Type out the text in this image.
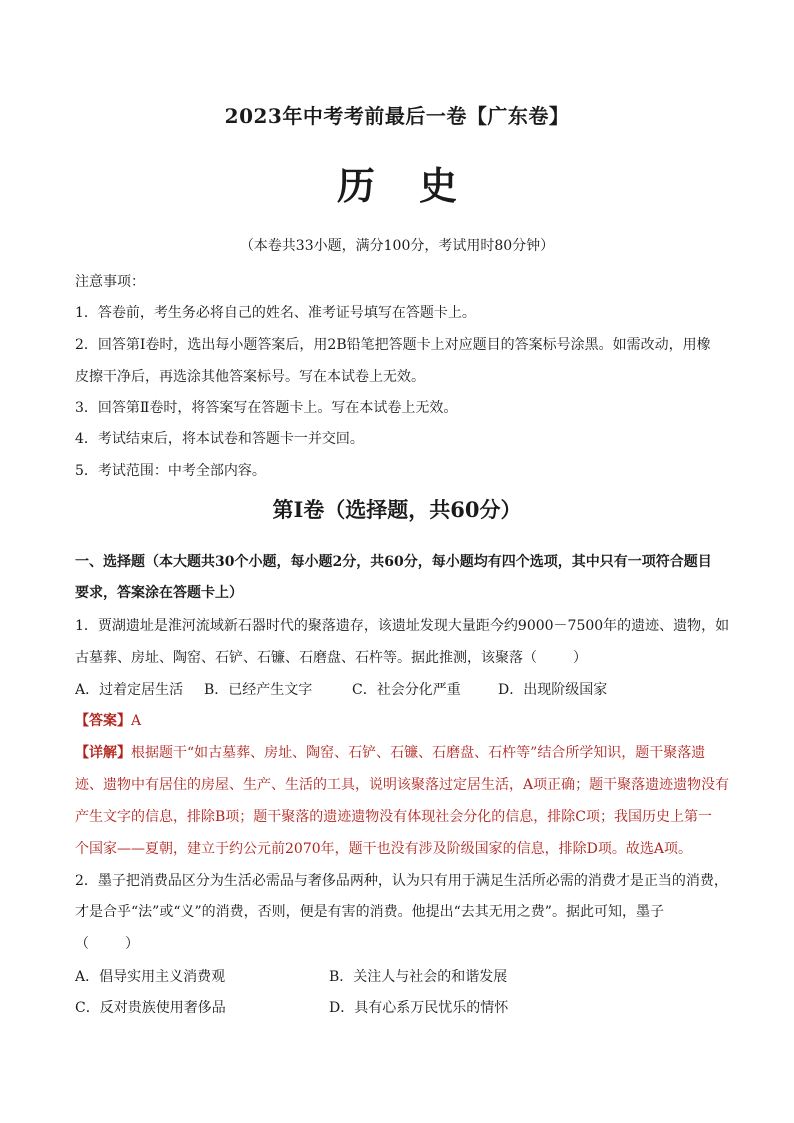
2023年中考考前最后一卷【广东卷】
历 史
（本卷共33小题，满分100分，考试用时80分钟）
注意事项：
1．答卷前，考生务必将自己的姓名、准考证号填写在答题卡上。
2．回答第Ⅰ卷时，选出每小题答案后，用2B铅笔把答题卡上对应题目的答案标号涂黑。如需改动，用橡
皮擦干净后，再选涂其他答案标号。写在本试卷上无效。
3．回答第Ⅱ卷时，将答案写在答题卡上。写在本试卷上无效。
4．考试结束后，将本试卷和答题卡一并交回。
5．考试范围：中考全部内容。
第Ⅰ卷（选择题，共60分）
一、选择题（本大题共30个小题，每小题2分，共60分，每小题均有四个选项，其中只有一项符合题目
要求，答案涂在答题卡上）
1．贾湖遗址是淮河流域新石器时代的聚落遗存，该遗址发现大量距今约9000－7500年的遗迹、遗物，如
古墓葬、房址、陶窑、石铲、石镰、石磨盘、石杵等。据此推测，该聚落（	）
A．过着定居生活 B．已经产生文字	C．社会分化严重	D．出现阶级国家
【答案】A
【详解】根据题干“如古墓葬、房址、陶窑、石铲、石镰、石磨盘、石杵等”结合所学知识，题干聚落遗
迹、遗物中有居住的房屋、生产、生活的工具，说明该聚落过定居生活，A项正确；题干聚落遗迹遗物没有
产生文字的信息，排除B项；题干聚落的遗迹遗物没有体现社会分化的信息，排除C项；我国历史上第一
个国家——夏朝，建立于约公元前2070年，题干也没有涉及阶级国家的信息，排除D项。故选A项。
2．墨子把消费品区分为生活必需品与奢侈品两种，认为只有用于满足生活所必需的消费才是正当的消费，
才是合乎“法”或“义”的消费，否则，便是有害的消费。他提出“去其无用之费”。据此可知，墨子
（	）
A．倡导实用主义消费观	B．关注人与社会的和谐发展
C．反对贵族使用奢侈品	D．具有心系万民忧乐的情怀
